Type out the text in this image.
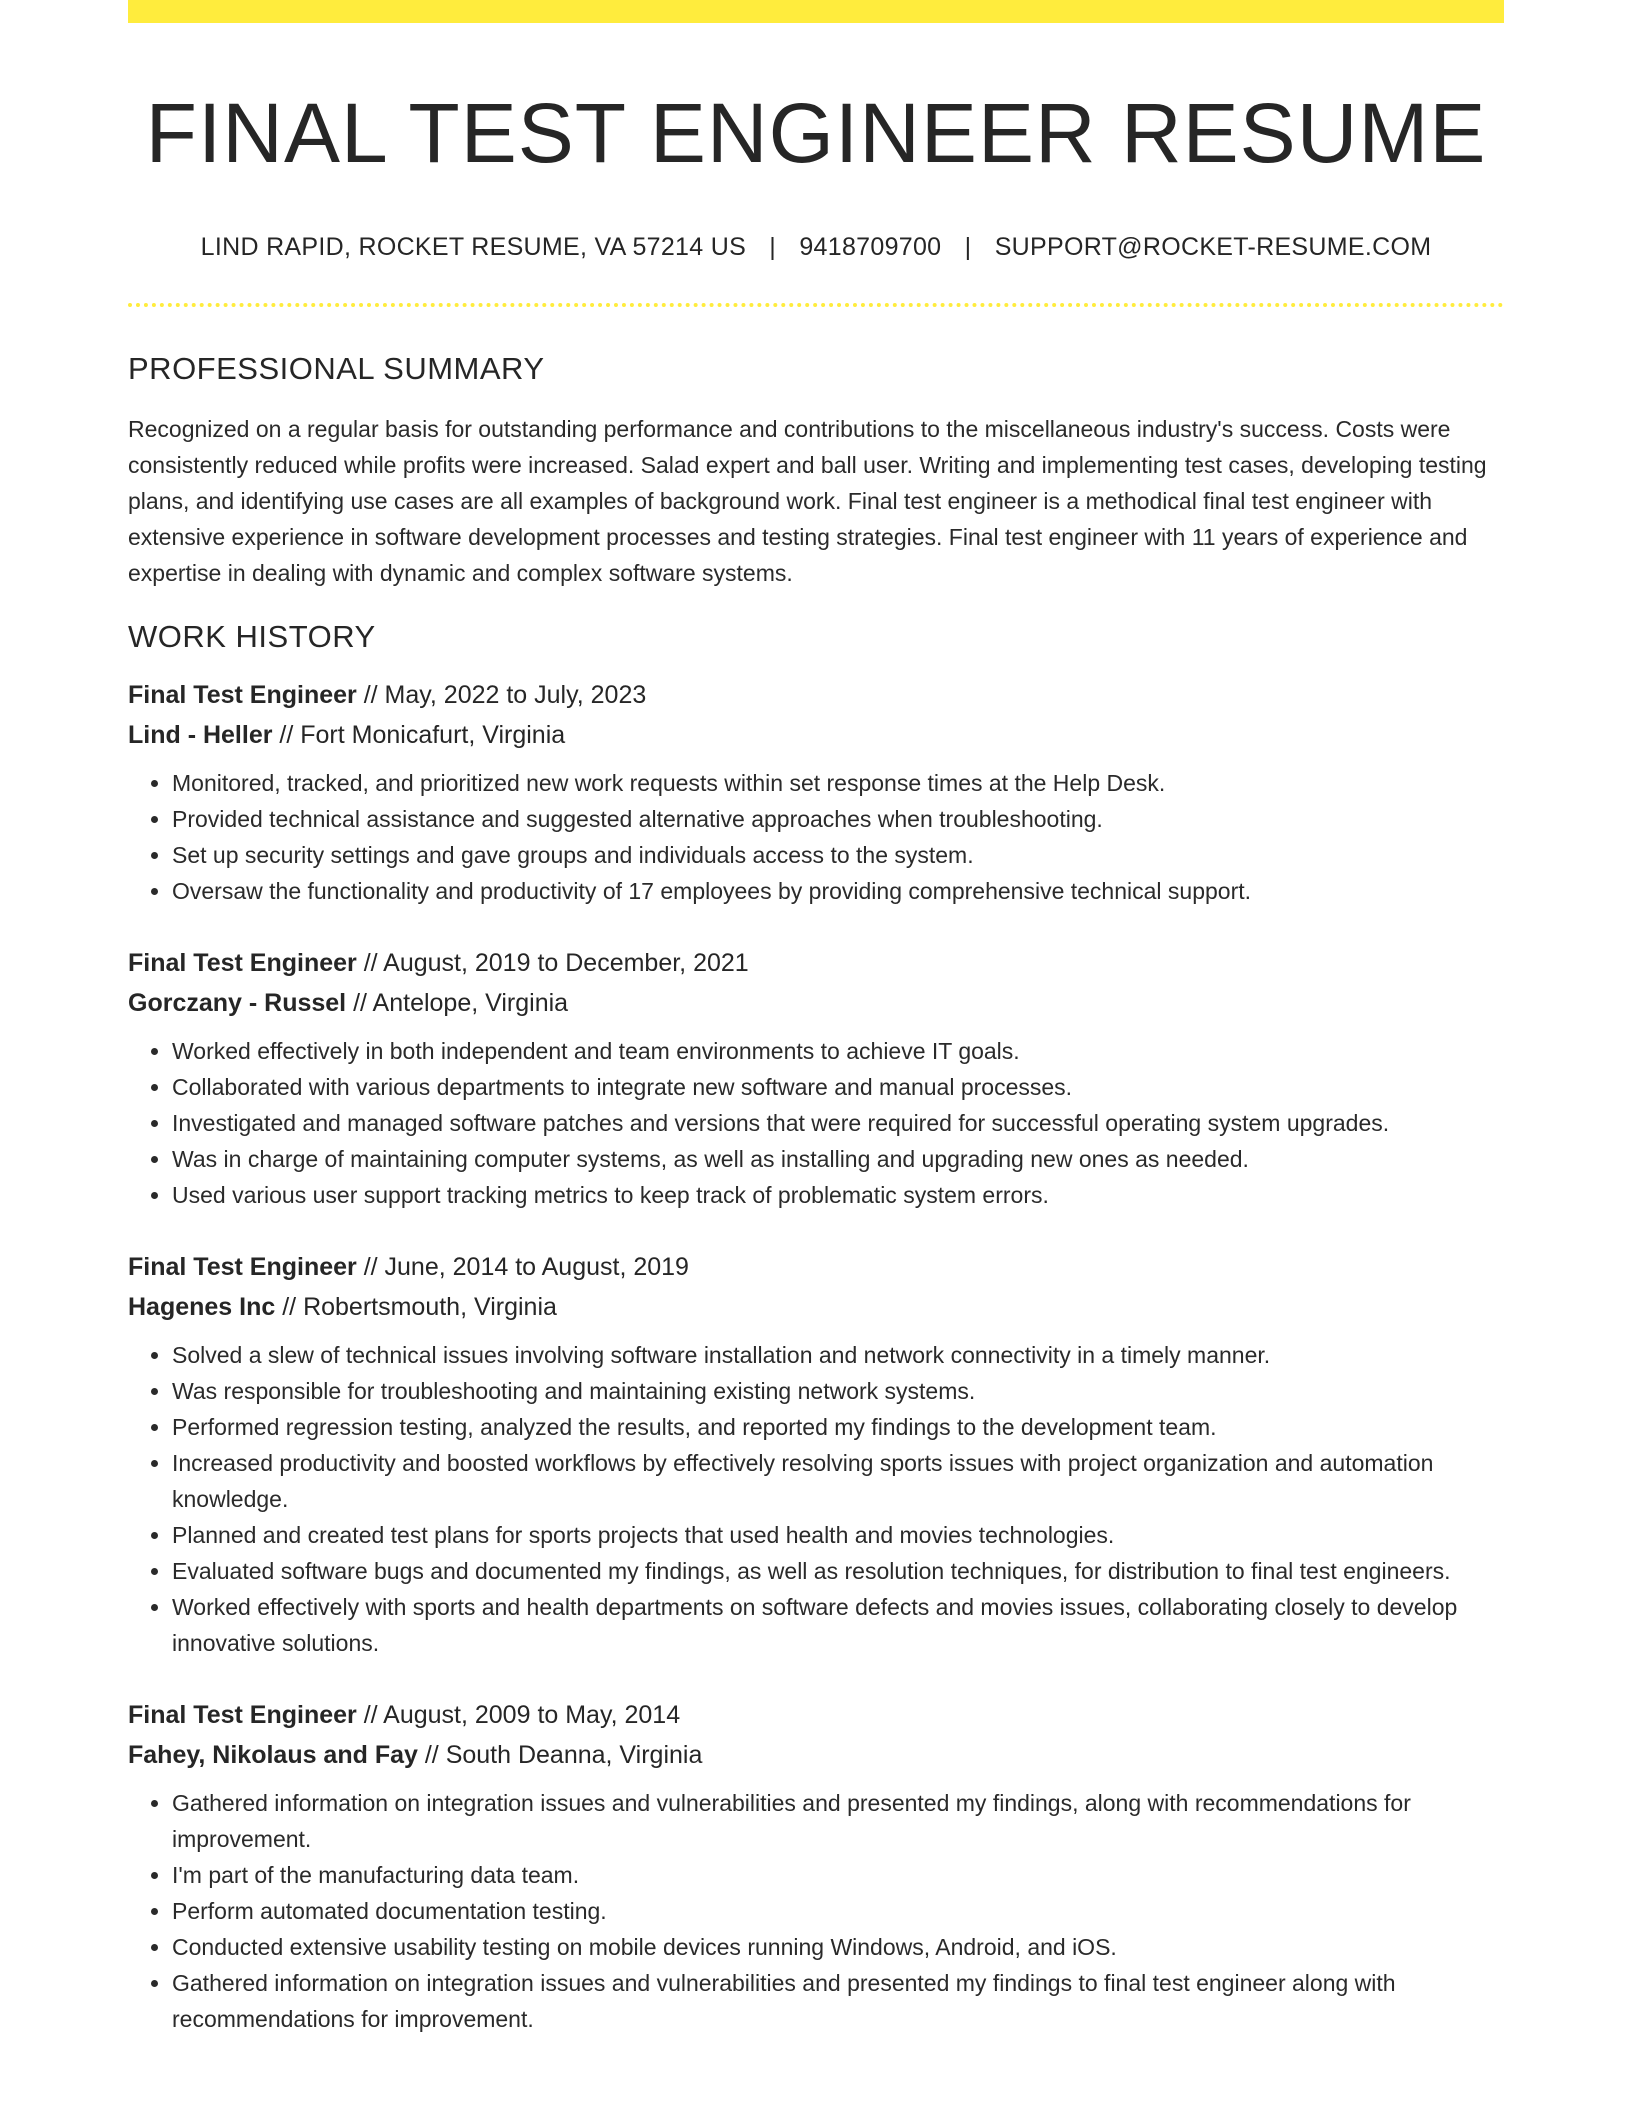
FINAL TEST ENGINEER RESUME
LIND RAPID, ROCKET RESUME, VA 57214 US | 9418709700 | SUPPORT@ROCKET-RESUME.COM
PROFESSIONAL SUMMARY

Recognized on a regular basis for outstanding performance and contributions to the miscellaneous industry's success. Costs were consistently reduced while profits were increased. Salad expert and ball user. Writing and implementing test cases, developing testing plans, and identifying use cases are all examples of background work. Final test engineer is a methodical final test engineer with extensive experience in software development processes and testing strategies. Final test engineer with 11 years of experience and expertise in dealing with dynamic and complex software systems.

WORK HISTORY
Final Test Engineer // May, 2022 to July, 2023
Lind - Heller // Fort Monicafurt, Virginia
• Monitored, tracked, and prioritized new work requests within set response times at the Help Desk.
• Provided technical assistance and suggested alternative approaches when troubleshooting.
• Set up security settings and gave groups and individuals access to the system.
• Oversaw the functionality and productivity of 17 employees by providing comprehensive technical support.
Final Test Engineer // August, 2019 to December, 2021
Gorczany - Russel // Antelope, Virginia
• Worked effectively in both independent and team environments to achieve IT goals.
• Collaborated with various departments to integrate new software and manual processes.
• Investigated and managed software patches and versions that were required for successful operating system upgrades.
• Was in charge of maintaining computer systems, as well as installing and upgrading new ones as needed.
• Used various user support tracking metrics to keep track of problematic system errors.
Final Test Engineer // June, 2014 to August, 2019
Hagenes Inc // Robertsmouth, Virginia
• Solved a slew of technical issues involving software installation and network connectivity in a timely manner.
• Was responsible for troubleshooting and maintaining existing network systems.
• Performed regression testing, analyzed the results, and reported my findings to the development team.
• Increased productivity and boosted workflows by effectively resolving sports issues with project organization and automation knowledge.
• Planned and created test plans for sports projects that used health and movies technologies.
• Evaluated software bugs and documented my findings, as well as resolution techniques, for distribution to final test engineers.
• Worked effectively with sports and health departments on software defects and movies issues, collaborating closely to develop innovative solutions.
Final Test Engineer // August, 2009 to May, 2014
Fahey, Nikolaus and Fay // South Deanna, Virginia
• Gathered information on integration issues and vulnerabilities and presented my findings, along with recommendations for improvement.
• I'm part of the manufacturing data team.
• Perform automated documentation testing.
• Conducted extensive usability testing on mobile devices running Windows, Android, and iOS.
• Gathered information on integration issues and vulnerabilities and presented my findings to final test engineer along with recommendations for improvement.
